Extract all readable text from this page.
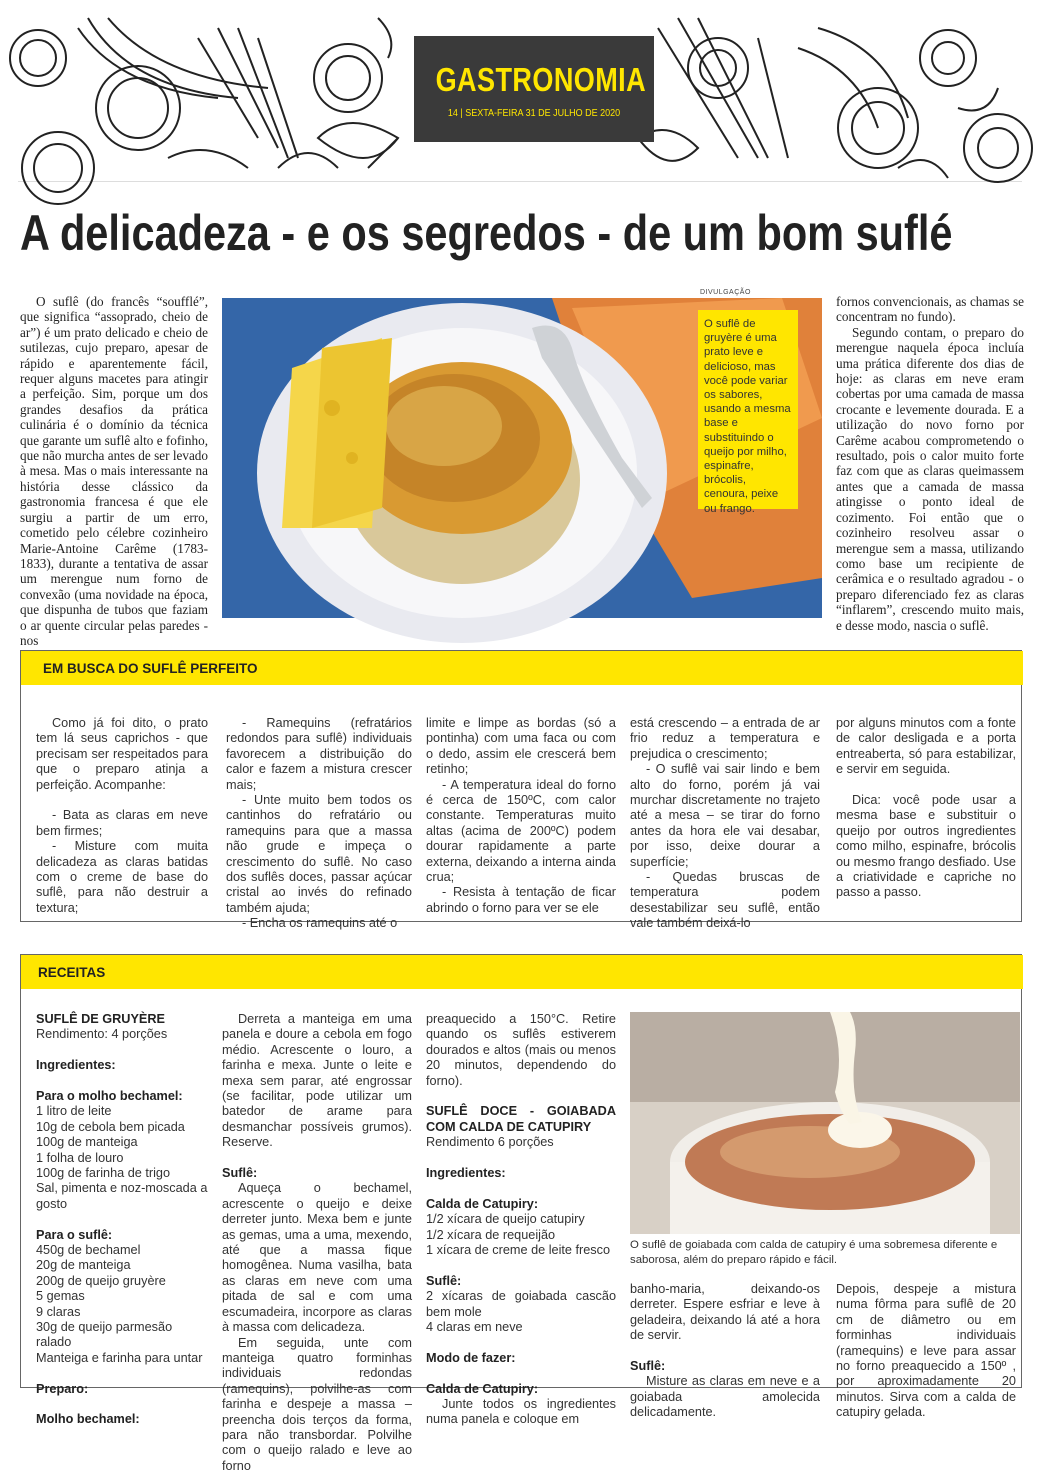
GASTRONOMIA
14 | SEXTA-FEIRA 31 DE JULHO DE 2020
A delicadeza - e os segredos - de um bom suflé
O suflê (do francês “soufflé”, que significa “assoprado, cheio de ar”) é um prato delicado e cheio de sutilezas, cujo preparo, apesar de rápido e aparentemente fácil, requer alguns macetes para atingir a perfeição. Sim, porque um dos grandes desafios da prática culinária é o domínio da técnica que garante um suflê alto e fofinho, que não murcha antes de ser levado à mesa. Mas o mais interessante na história desse clássico da gastronomia francesa é que ele surgiu a partir de um erro, cometido pelo célebre cozinheiro Marie-Antoine Carême (1783-1833), durante a tentativa de assar um merengue num forno de convexão (uma novidade na época, que dispunha de tubos que faziam o ar quente circular pelas paredes - nos
DIVULGAÇÃO
O suflê de gruyère é uma prato leve e delicioso, mas você pode variar os sabores, usando a mesma base e substituindo o queijo por milho, espinafre, brócolis, cenoura, peixe ou frango.

fornos convencionais, as chamas se concentram no fundo).

Segundo contam, o preparo do merengue naquela época incluía uma prática diferente dos dias de hoje: as claras em neve eram cobertas por uma camada de massa crocante e levemente dourada. E a utilização do novo forno por Carême acabou comprometendo o resultado, pois o calor muito forte faz com que as claras queimassem antes que a camada de massa atingisse o ponto ideal de cozimento. Foi então que o cozinheiro resolveu assar o merengue sem a massa, utilizando como base um recipiente de cerâmica e o resultado agradou - o preparo diferenciado fez as claras “inflarem”, crescendo muito mais, e desse modo, nascia o suflê.

EM BUSCA DO SUFLÊ PERFEITO

Como já foi dito, o prato tem lá seus caprichos - que precisam ser respeitados para que o preparo atinja a perfeição. Acompanhe:

- Bata as claras em neve bem firmes;

- Misture com muita delicadeza as claras batidas com o creme de base do suflê, para não destruir a textura;

- Ramequins (refratários redondos para suflê) individuais favorecem a distribuição do calor e fazem a mistura crescer mais;

- Unte muito bem todos os cantinhos do refratário ou ramequins para que a massa não grude e impeça o crescimento do suflê. No caso dos suflês doces, passar açúcar cristal ao invés do refinado também ajuda;

- Encha os ramequins até o

limite e limpe as bordas (só a pontinha) com uma faca ou com o dedo, assim ele crescerá bem retinho;

- A temperatura ideal do forno é cerca de 150ºC, com calor constante. Temperaturas muito altas (acima de 200ºC) podem dourar rapidamente a parte externa, deixando a interna ainda crua;

- Resista à tentação de ficar abrindo o forno para ver se ele

está crescendo – a entrada de ar frio reduz a temperatura e prejudica o crescimento;

- O suflê vai sair lindo e bem alto do forno, porém já vai murchar discretamente no trajeto até a mesa – se tirar do forno antes da hora ele vai desabar, por isso, deixe dourar a superfície;

- Quedas bruscas de temperatura podem desestabilizar seu suflê, então vale também deixá-lo

por alguns minutos com a fonte de calor desligada e a porta entreaberta, só para estabilizar, e servir em seguida.

Dica: você pode usar a mesma base e substituir o queijo por outros ingredientes como milho, espinafre, brócolis ou mesmo frango desfiado. Use a criatividade e capriche no passo a passo.

RECEITAS
SUFLÊ DE GRUYÈRE
Rendimento: 4 porções
Ingredientes:
Para o molho bechamel:
1 litro de leite
10g de cebola bem picada
100g de manteiga
1 folha de louro
100g de farinha de trigo
Sal, pimenta e noz-moscada a gosto
Para o suflê:
450g de bechamel
20g de manteiga
200g de queijo gruyère
5 gemas
9 claras
30g de queijo parmesão ralado
Manteiga e farinha para untar
Preparo:
Molho bechamel:

Derreta a manteiga em uma panela e doure a cebola em fogo médio. Acrescente o louro, a farinha e mexa. Junte o leite e mexa sem parar, até engrossar (se facilitar, pode utilizar um batedor de arame para desmanchar possíveis grumos). Reserve.

Suflê:

Aqueça o bechamel, acrescente o queijo e deixe derreter junto. Mexa bem e junte as gemas, uma a uma, mexendo, até que a massa fique homogênea. Numa vasilha, bata as claras em neve com uma pitada de sal e com uma escumadeira, incorpore as claras à massa com delicadeza.

Em seguida, unte com manteiga quatro forminhas individuais redondas (ramequins), polvilhe-as com farinha e despeje a massa – preencha dois terços da forma, para não transbordar. Polvilhe com o queijo ralado e leve ao forno

preaquecido a 150°C. Retire quando os suflês estiverem dourados e altos (mais ou menos 20 minutos, dependendo do forno).

SUFLÊ DOCE - GOIABADA COM CALDA DE CATUPIRY
Rendimento 6 porções
Ingredientes:
Calda de Catupiry:
1/2 xícara de queijo catupiry
1/2 xícara de requeijão
1 xícara de creme de leite fresco
Suflê:
2 xícaras de goiabada cascão bem mole
4 claras em neve
Modo de fazer:
Calda de Catupiry:

Junte todos os ingredientes numa panela e coloque em

O suflê de goiabada com calda de catupiry é uma sobremesa diferente e saborosa, além do preparo rápido e fácil.

banho-maria, deixando-os derreter. Espere esfriar e leve à geladeira, deixando lá até a hora de servir.

Suflê:

Misture as claras em neve e a goiabada amolecida delicadamente.

Depois, despeje a mistura numa fôrma para suflê de 20 cm de diâmetro ou em forminhas individuais (ramequins) e leve para assar no forno preaquecido a 150º , por aproximadamente 20 minutos. Sirva com a calda de catupiry gelada.
